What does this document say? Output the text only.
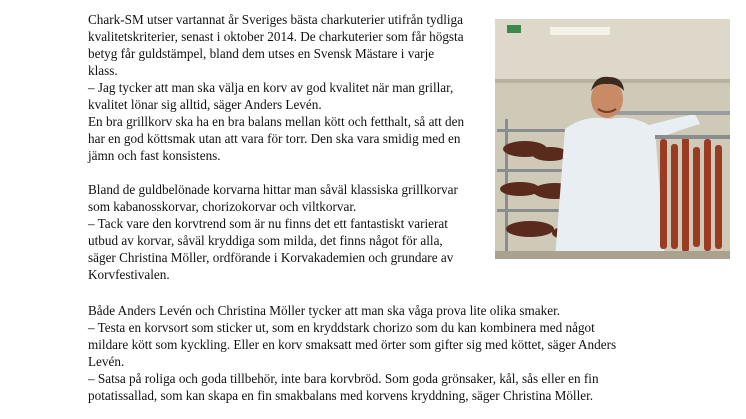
Chark-SM utser vartannat år Sveriges bästa charkuterier utifrån tydliga
kvalitetskriterier, senast i oktober 2014. De charkuterier som får högsta
betyg får guldstämpel, bland dem utses en Svensk Mästare i varje
klass.
– Jag tycker att man ska välja en korv av god kvalitet när man grillar,
kvalitet lönar sig alltid, säger Anders Levén.
En bra grillkorv ska ha en bra balans mellan kött och fetthalt, så att den
har en god köttsmak utan att vara för torr. Den ska vara smidig med en
jämn och fast konsistens.
Bland de guldbelönade korvarna hittar man såväl klassiska grillkorvar
som kabanosskorvar, chorizokorvar och viltkorvar.
– Tack vare den korvtrend som är nu finns det ett fantastiskt varierat
utbud av korvar, såväl kryddiga som milda, det finns något för alla,
säger Christina Möller, ordförande i Korvakademien och grundare av
Korvfestivalen.
Både Anders Levén och Christina Möller tycker att man ska våga prova lite olika smaker.
– Testa en korvsort som sticker ut, som en kryddstark chorizo som du kan kombinera med något
mildare kött som kyckling. Eller en korv smaksatt med örter som gifter sig med köttet, säger Anders
Levén.
– Satsa på roliga och goda tillbehör, inte bara korvbröd. Som goda grönsaker, kål, sås eller en fin
potatissallad, som kan skapa en fin smakbalans med korvens kryddning, säger Christina Möller.
